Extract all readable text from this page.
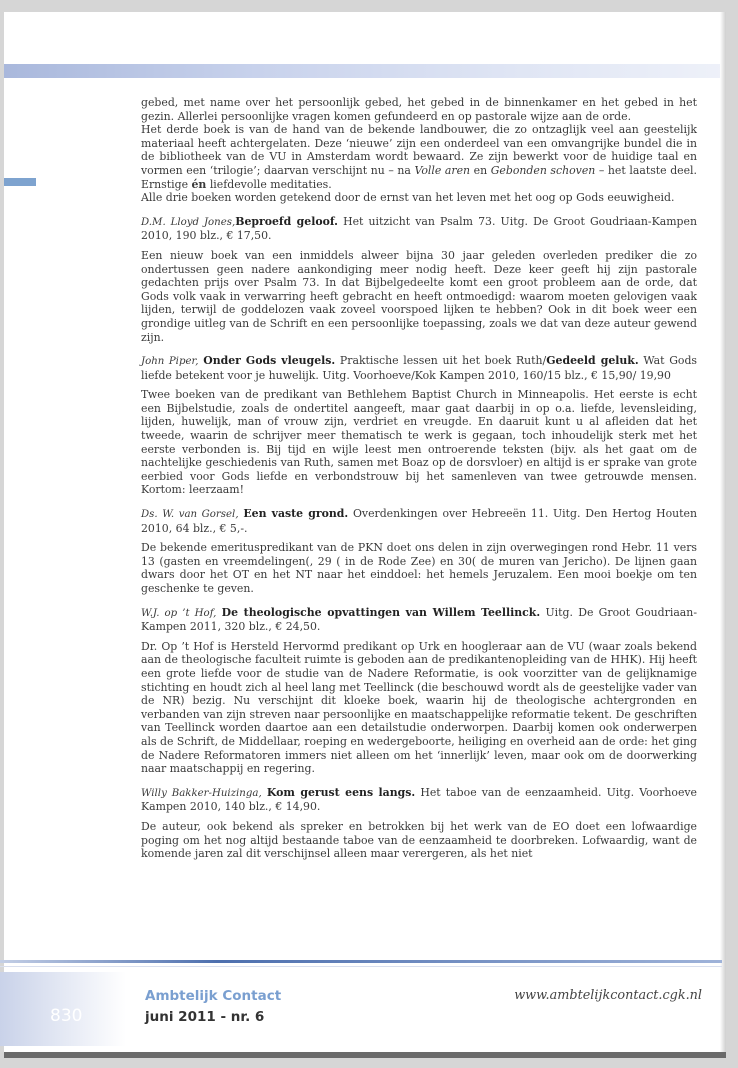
gebed, met name over het persoonlijk gebed, het gebed in de binnenkamer en het gebed in het gezin. Allerlei persoonlijke vragen komen gefundeerd en op pastorale wijze aan de orde.

Het derde boek is van de hand van de bekende landbouwer, die zo ontzaglijk veel aan geestelijk materiaal heeft achtergelaten. Deze ‘nieuwe’ zijn een onderdeel van een omvangrijke bundel die in de bibliotheek van de VU in Amsterdam wordt bewaard. Ze zijn bewerkt voor de huidige taal en vormen een ‘trilogie’; daarvan verschijnt nu – na Volle aren en Gebonden schoven – het laatste deel. Ernstige én liefdevolle meditaties.

Alle drie boeken worden getekend door de ernst van het leven met het oog op Gods eeuwigheid.

D.M. Lloyd Jones,Beproefd geloof. Het uitzicht van Psalm 73. Uitg. De Groot Goudriaan-Kampen 2010, 190 blz., € 17,50.

Een nieuw boek van een inmiddels alweer bijna 30 jaar geleden overleden prediker die zo ondertussen geen nadere aankondiging meer nodig heeft. Deze keer geeft hij zijn pastorale gedachten prijs over Psalm 73. In dat Bijbelgedeelte komt een groot probleem aan de orde, dat Gods volk vaak in verwarring heeft gebracht en heeft ontmoedigd: waarom moeten gelovigen vaak lijden, terwijl de goddelozen vaak zoveel voorspoed lijken te hebben? Ook in dit boek weer een grondige uitleg van de Schrift en een persoonlijke toepassing, zoals we dat van deze auteur gewend zijn.

John Piper, Onder Gods vleugels. Praktische lessen uit het boek Ruth/Gedeeld geluk. Wat Gods liefde betekent voor je huwelijk. Uitg. Voorhoeve/Kok Kampen 2010, 160/15 blz., € 15,90/ 19,90

Twee boeken van de predikant van Bethlehem Baptist Church in Minneapolis. Het eerste is echt een Bijbelstudie, zoals de ondertitel aangeeft, maar gaat daarbij in op o.a. liefde, levensleiding, lijden, huwelijk, man of vrouw zijn, verdriet en vreugde. En daaruit kunt u al afleiden dat het tweede, waarin de schrijver meer thematisch te werk is gegaan, toch inhoudelijk sterk met het eerste verbonden is. Bij tijd en wijle leest men ontroerende teksten (bijv. als het gaat om de nachtelijke geschiedenis van Ruth, samen met Boaz op de dorsvloer) en altijd is er sprake van grote eerbied voor Gods liefde en verbondstrouw bij het samenleven van twee getrouwde mensen. Kortom: leerzaam!

Ds. W. van Gorsel, Een vaste grond. Overdenkingen over Hebreeën 11. Uitg. Den Hertog Houten 2010, 64 blz., € 5,-.

De bekende emerituspredikant van de PKN doet ons delen in zijn overwegingen rond Hebr. 11 vers 13 (gasten en vreemdelingen(, 29 ( in de Rode Zee) en 30( de muren van Jericho). De lijnen gaan dwars door het OT en het NT naar het einddoel: het hemels Jeruzalem. Een mooi boekje om ten geschenke te geven.

W.J. op ’t Hof, De theologische opvattingen van Willem Teellinck. Uitg. De Groot Goudriaan-Kampen 2011, 320 blz., € 24,50.

Dr. Op ’t Hof is Hersteld Hervormd predikant op Urk en hoogleraar aan de VU (waar zoals bekend aan de theologische faculteit ruimte is geboden aan de predikantenopleiding van de HHK). Hij heeft een grote liefde voor de studie van de Nadere Reformatie, is ook voorzitter van de gelijknamige stichting en houdt zich al heel lang met Teellinck (die beschouwd wordt als de geestelijke vader van de NR) bezig. Nu verschijnt dit kloeke boek, waarin hij de theologische achtergronden en verbanden van zijn streven naar persoonlijke en maatschappelijke reformatie tekent. De geschriften van Teellinck worden daartoe aan een detailstudie onderworpen. Daarbij komen ook onderwerpen als de Schrift, de Middellaar, roeping en wedergeboorte, heiliging en overheid aan de orde: het ging de Nadere Reformatoren immers niet alleen om het ‘innerlijk’ leven, maar ook om de doorwerking naar maatschappij en regering.

Willy Bakker-Huizinga, Kom gerust eens langs. Het taboe van de eenzaamheid. Uitg. Voorhoeve Kampen 2010, 140 blz., € 14,90.

De auteur, ook bekend als spreker en betrokken bij het werk van de EO doet een lofwaardige poging om het nog altijd bestaande taboe van de eenzaamheid te doorbreken. Lofwaardig, want de komende jaren zal dit verschijnsel alleen maar verergeren, als het niet

830
Ambtelijk Contact
juni 2011 - nr. 6
www.ambtelijkcontact.cgk.nl
